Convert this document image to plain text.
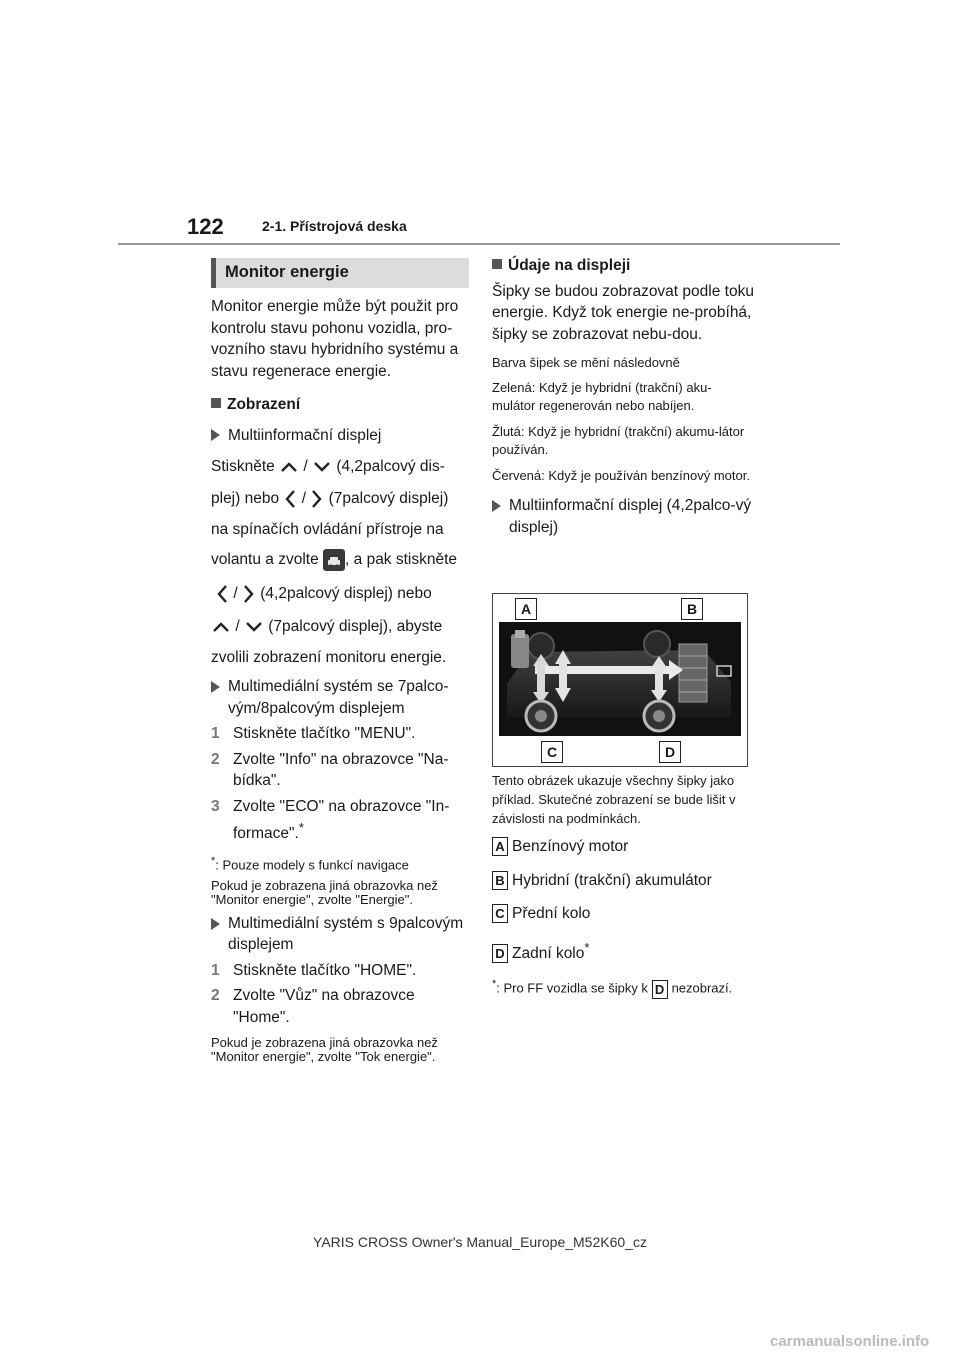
122	2-1. Přístrojová deska
Monitor energie

Monitor energie může být použit pro kontrolu stavu pohonu vozidla, pro-vozního stavu hybridního systému a stavu regenerace energie.

Zobrazení

Multiinformační displej

Stiskněte / (4,2palcový dis-

plej) nebo / (7palcový displej)

na spínačích ovládání přístroje na

volantu a zvolte , a pak stiskněte

/ (4,2palcový displej) nebo

/ (7palcový displej), abyste

zvolili zobrazení monitoru energie.

Multimediální systém se 7palco-vým/8palcovým displejem
1 Stiskněte tlačítko "MENU".
2 Zvolte "Info" na obrazovce "Na-bídka".
3 Zvolte "ECO" na obrazovce "In-formace".*

*: Pouze modely s funkcí navigace

Pokud je zobrazena jiná obrazovka než "Monitor energie", zvolte "Energie".

Multimediální systém s 9palcovým displejem
1 Stiskněte tlačítko "HOME".
2 Zvolte "Vůz" na obrazovce "Home".

Pokud je zobrazena jiná obrazovka než "Monitor energie", zvolte "Tok energie".

Údaje na displeji

Šipky se budou zobrazovat podle toku energie. Když tok energie ne-probíhá, šipky se zobrazovat nebu-dou.

Barva šipek se mění následovně

Zelená: Když je hybridní (trakční) aku-mulátor regenerován nebo nabíjen.

Žlutá: Když je hybridní (trakční) akumu-látor používán.

Červená: Když je používán benzínový motor.

Multiinformační displej (4,2palco-vý displej)
A	B
C	D

Tento obrázek ukazuje všechny šipky jako příklad. Skutečné zobrazení se bude lišit v závislosti na podmínkách.

A Benzínový motor

B Hybridní (trakční) akumulátor

C Přední kolo

D Zadní kolo*

*: Pro FF vozidla se šipky k D nezobrazí.

YARIS CROSS Owner's Manual_Europe_M52K60_cz
carmanualsonline.info
